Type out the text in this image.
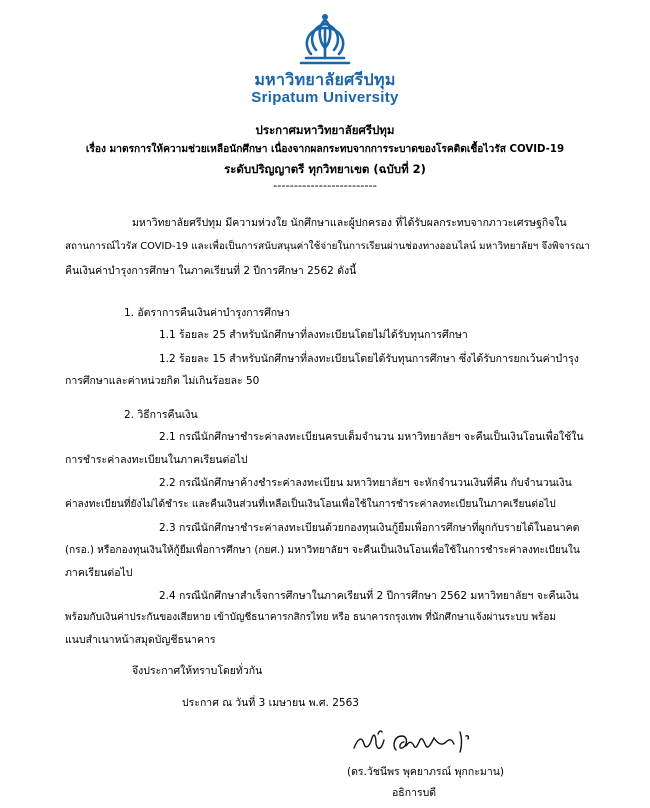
มหาวิทยาลัยศรีปทุม
Sripatum University
ประกาศมหาวิทยาลัยศรีปทุม
เรื่อง มาตรการให้ความช่วยเหลือนักศึกษา เนื่องจากผลกระทบจากการระบาดของโรคติดเชื้อไวรัส COVID-19
ระดับปริญญาตรี ทุกวิทยาเขต (ฉบับที่ 2)
-------------------------
มหาวิทยาลัยศรีปทุม มีความห่วงใย นักศึกษาและผู้ปกครอง ที่ได้รับผลกระทบจากภาวะเศรษฐกิจใน
สถานการณ์ไวรัส COVID-19 และเพื่อเป็นการสนับสนุนค่าใช้จ่ายในการเรียนผ่านช่องทางออนไลน์ มหาวิทยาลัยฯ จึงพิจารณา
คืนเงินค่าบำรุงการศึกษา ในภาคเรียนที่ 2 ปีการศึกษา 2562 ดังนี้
1. อัตราการคืนเงินค่าบำรุงการศึกษา
1.1 ร้อยละ 25 สำหรับนักศึกษาที่ลงทะเบียนโดยไม่ได้รับทุนการศึกษา
1.2 ร้อยละ 15 สำหรับนักศึกษาที่ลงทะเบียนโดยได้รับทุนการศึกษา ซึ่งได้รับการยกเว้นค่าบำรุง
การศึกษาและค่าหน่วยกิต ไม่เกินร้อยละ 50
2. วิธีการคืนเงิน
2.1 กรณีนักศึกษาชำระค่าลงทะเบียนครบเต็มจำนวน มหาวิทยาลัยฯ จะคืนเป็นเงินโอนเพื่อใช้ใน
การชำระค่าลงทะเบียนในภาคเรียนต่อไป
2.2 กรณีนักศึกษาค้างชำระค่าลงทะเบียน มหาวิทยาลัยฯ จะหักจำนวนเงินที่คืน กับจำนวนเงิน
ค่าลงทะเบียนที่ยังไม่ได้ชำระ และคืนเงินส่วนที่เหลือเป็นเงินโอนเพื่อใช้ในการชำระค่าลงทะเบียนในภาคเรียนต่อไป
2.3 กรณีนักศึกษาชำระค่าลงทะเบียนด้วยกองทุนเงินกู้ยืมเพื่อการศึกษาที่ผูกกับรายได้ในอนาคต
(กรอ.) หรือกองทุนเงินให้กู้ยืมเพื่อการศึกษา (กยศ.) มหาวิทยาลัยฯ จะคืนเป็นเงินโอนเพื่อใช้ในการชำระค่าลงทะเบียนใน
ภาคเรียนต่อไป
2.4 กรณีนักศึกษาสำเร็จการศึกษาในภาคเรียนที่ 2 ปีการศึกษา 2562 มหาวิทยาลัยฯ จะคืนเงิน
พร้อมกับเงินค่าประกันของเสียหาย เข้าบัญชีธนาคารกสิกรไทย หรือ ธนาคารกรุงเทพ ที่นักศึกษาแจ้งผ่านระบบ พร้อม
แนบสำเนาหน้าสมุดบัญชีธนาคาร
จึงประกาศให้ทราบโดยทั่วกัน
ประกาศ ณ วันที่ 3 เมษายน พ.ศ. 2563
(ดร.วัชนีพร พุคยาภรณ์ พุกกะมาน)
อธิการบดี
